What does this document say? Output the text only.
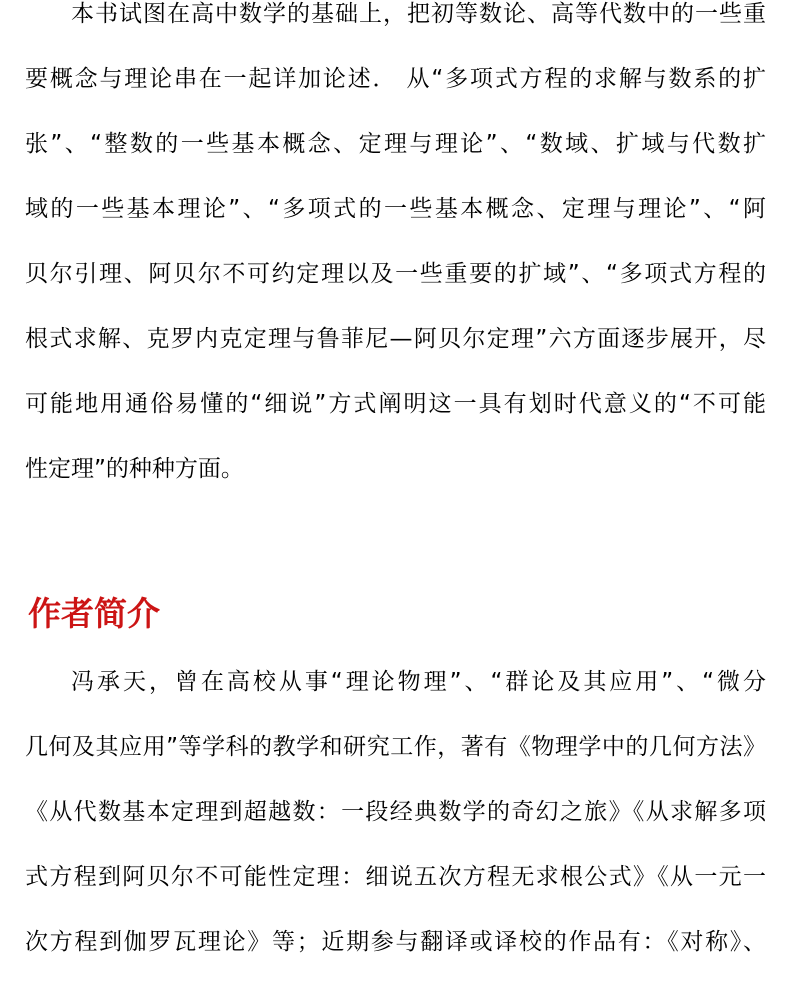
本书试图在高中数学的基础上，把初等数论、高等代数中的一些重
要概念与理论串在一起详加论述． 从“多项式方程的求解与数系的扩
张”、“整数的一些基本概念、定理与理论”、“数域、扩域与代数扩
域的一些基本理论”、“多项式的一些基本概念、定理与理论”、“阿
贝尔引理、阿贝尔不可约定理以及一些重要的扩域”、“多项式方程的
根式求解、克罗内克定理与鲁菲尼—阿贝尔定理”六方面逐步展开，尽
可能地用通俗易懂的“细说”方式阐明这一具有划时代意义的“不可能
性定理”的种种方面。
作者简介
冯承天，曾在高校从事“理论物理”、“群论及其应用”、“微分
几何及其应用”等学科的教学和研究工作，著有《物理学中的几何方法》
《从代数基本定理到超越数：一段经典数学的奇幻之旅》《从求解多项
式方程到阿贝尔不可能性定理：细说五次方程无求根公式》《从一元一
次方程到伽罗瓦理论》等；近期参与翻译或译校的作品有：《对称》、
